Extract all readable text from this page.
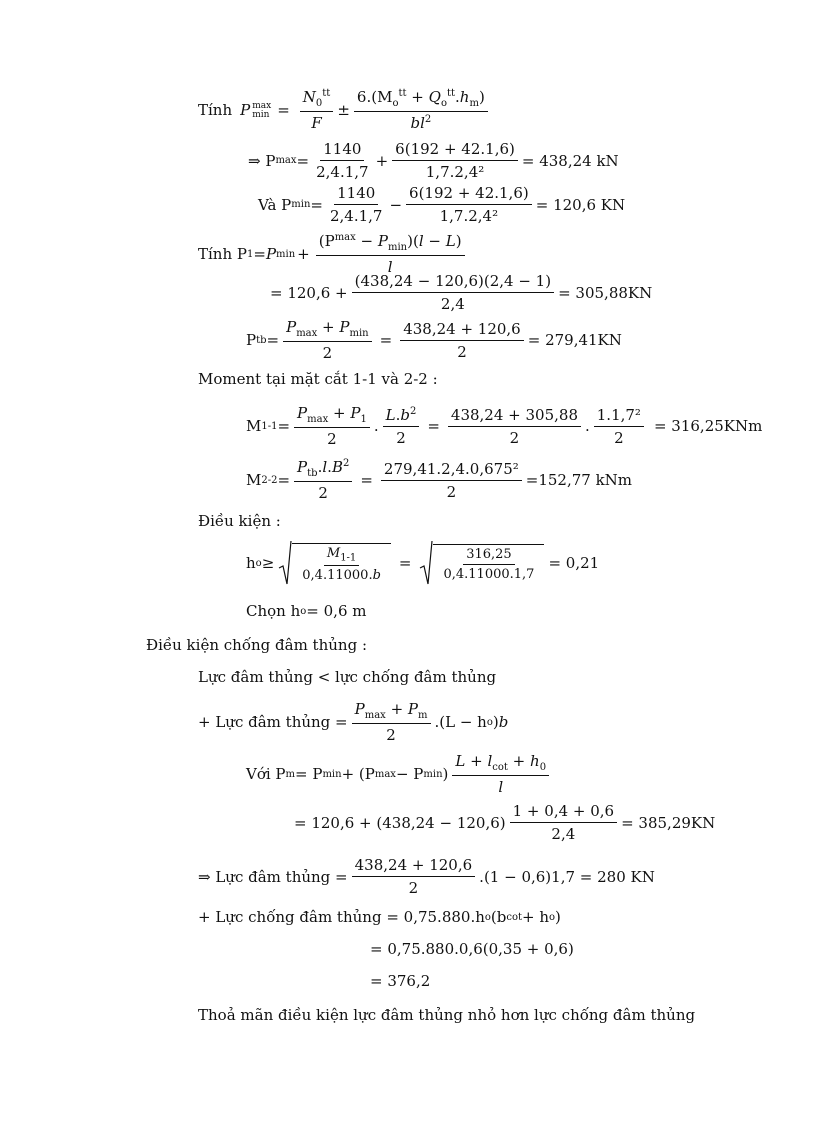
Tính P max
$\min = \frac{N_0^{tt}}{F}$ ±
$6.(M_o^{tt} + Q_o^{tt}.h_m)$
$bl^2$
⇒ P $\max = \frac{1140}{2,4.1,7} + \frac{6(192 + 42.1,6)}{\text{1,7.2,4²}} = 438,24$ kN
Và P $\min = \frac{1140}{2,4.1,7} - \frac{6(192 + 42.1,6)}{\text{1,7.2,4²}} = 120,6$ KN
Tính P 1 = P min +
$(P^{max} - P_{min})(l - L)$
l
= $120,6 + \frac{(438,24 - 120,6)(2,4 - 1)}{2,4} = 305,88KN$
P tb =
$P_{max} + P_{min}$
2
= $\frac{438,24 + 120,6}{2} = 279,41KN$
Moment tại mặt cắt 1-1 và 2-2 :
M 1-1 =
$P_{max} + P_1$
2
. $\frac{L.b^2}{2} = \frac{438,24 + 305,88}{2}$ . $\frac{\text{1.1,7²}}{2} = 316,25KNm$
M 2-2 =
$P_{tb}.l.B^2$
2
= $\frac{\text{279,41.2,4.0,675²}}{2} =152,77$ kNm
Điều kiện :
h o ≥
$M_{1-1}$
0,4.11000.b
=	316,25
0,4.11000.1,7
= 0,21
Chọn h o = 0,6 m
Điều kiện chống đâm thủng :
Lực đâm thủng < lực chống đâm thủng
+ Lực đâm thủng =
$P_{max} + P_m$
2
.(L − h o ) b
Với P m = P min + (P max − P min )
$L + l_{cot} + h_0$
l
= $120,6 + (438,24 - 120,6) \frac{1 + 0,4 + 0,6}{2,4} = 385,29KN$
⇒ Lực đâm thủng = $\frac{438,24 + 120,6}{2} .(1 - 0,6)1,7 = 280$ KN
+ Lực chống đâm thủng = 0,75.880.h o (b cot + h o )
= 0,75.880.0,6(0,35 + 0,6)
= 376,2
Thoả mãn điều kiện lực đâm thủng nhỏ hơn lực chống đâm thủng
